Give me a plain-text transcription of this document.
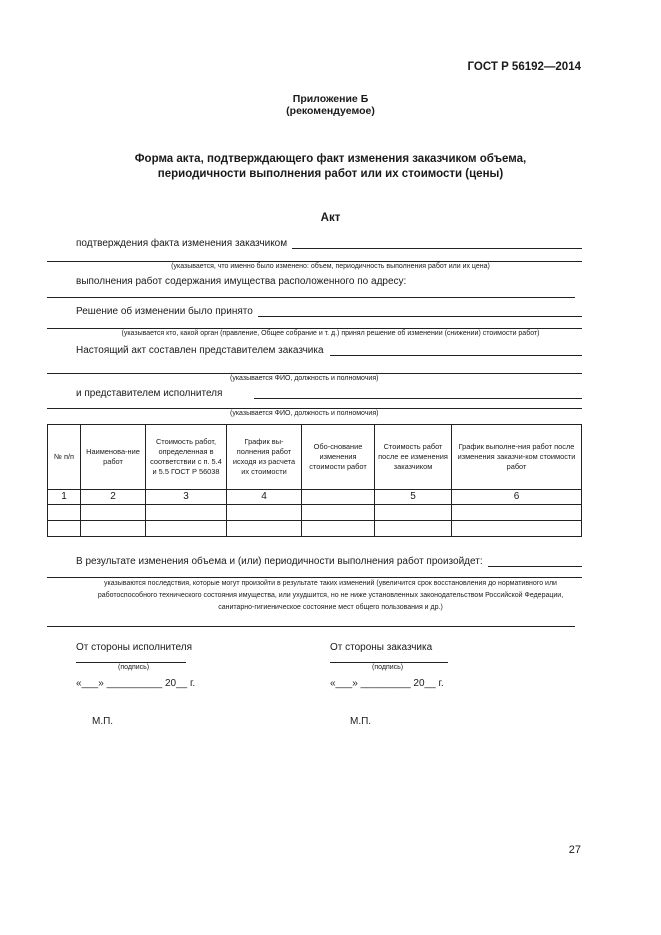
ГОСТ Р 56192—2014
Приложение Б
(рекомендуемое)
Форма акта, подтверждающего факт изменения заказчиком объема,
периодичности выполнения работ или их стоимости (цены)
Акт
подтверждения факта изменения заказчиком
(указывается, что именно было изменено: объем, периодичность выполнения работ или их цена)
выполнения работ содержания имущества расположенного по адресу:
Решение об изменении было принято
(указывается кто, какой орган (правление, Общее собрание и т. д.) принял решение об изменении (снижении) стоимости работ)
Настоящий акт составлен представителем заказчика
(указывается ФИО, должность и полномочия)
и представителем исполнителя
(указывается ФИО, должность и полномочия)
№ п/п	Наименова-ние работ	Стоимость работ, определенная в соответствии с п. 5.4 и 5.5 ГОСТ Р 56038	График вы-полнения работ исходя из расчета их стоимости	Обо-снование изменения стоимости работ	Стоимость работ после ее изменения заказчиком	График выполне-ния работ после изменения заказчи-ком стоимости работ
1	2	3	4		5	6

В результате изменения объема и (или) периодичности выполнения работ произойдет:
указываются последствия, которые могут произойти в результате таких изменений (увеличится срок восстановления до нормативного или
работоспособного технического состояния имущества, или ухудшится, но не ниже установленных законодательством Российской Федерации,
санитарно-гигиеническое состояние мест общего пользования и др.)
От стороны исполнителя
(подпись)
«___» __________ 20__ г.
М.П.
От стороны заказчика
(подпись)
«___» _________ 20__ г.
М.П.
27
